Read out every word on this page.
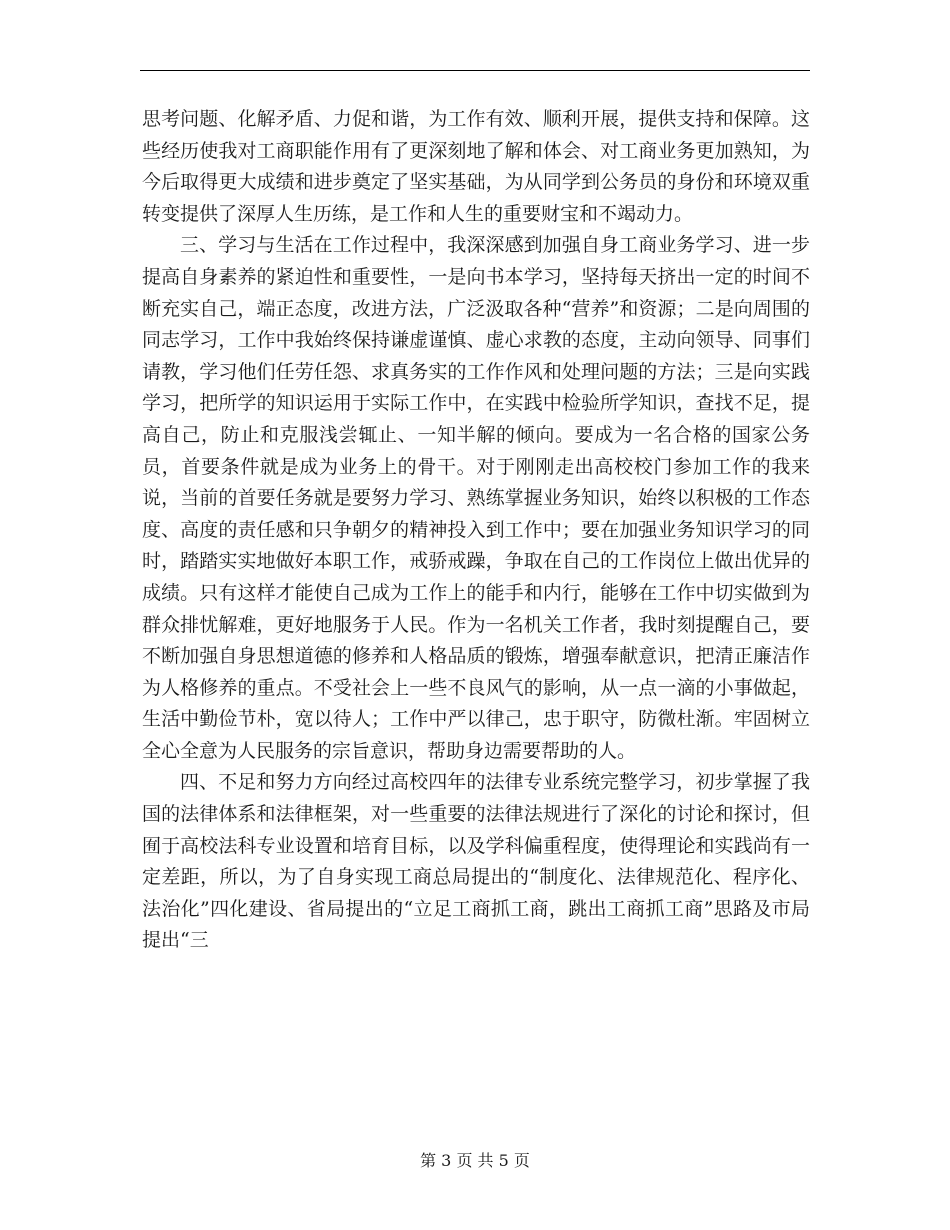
思考问题、化解矛盾、力促和谐，为工作有效、顺利开展，提供支持和保障。这些经历使我对工商职能作用有了更深刻地了解和体会、对工商业务更加熟知，为今后取得更大成绩和进步奠定了坚实基础，为从同学到公务员的身份和环境双重转变提供了深厚人生历练，是工作和人生的重要财宝和不竭动力。

三、学习与生活在工作过程中，我深深感到加强自身工商业务学习、进一步提高自身素养的紧迫性和重要性，一是向书本学习，坚持每天挤出一定的时间不断充实自己，端正态度，改进方法，广泛汲取各种“营养”和资源；二是向周围的同志学习，工作中我始终保持谦虚谨慎、虚心求教的态度，主动向领导、同事们请教，学习他们任劳任怨、求真务实的工作作风和处理问题的方法；三是向实践学习，把所学的知识运用于实际工作中，在实践中检验所学知识，查找不足，提高自己，防止和克服浅尝辄止、一知半解的倾向。要成为一名合格的国家公务员，首要条件就是成为业务上的骨干。对于刚刚走出高校校门参加工作的我来说，当前的首要任务就是要努力学习、熟练掌握业务知识，始终以积极的工作态度、高度的责任感和只争朝夕的精神投入到工作中；要在加强业务知识学习的同时，踏踏实实地做好本职工作，戒骄戒躁，争取在自己的工作岗位上做出优异的成绩。只有这样才能使自己成为工作上的能手和内行，能够在工作中切实做到为群众排忧解难，更好地服务于人民。作为一名机关工作者，我时刻提醒自己，要不断加强自身思想道德的修养和人格品质的锻炼，增强奉献意识，把清正廉洁作为人格修养的重点。不受社会上一些不良风气的影响，从一点一滴的小事做起，生活中勤俭节朴，宽以待人；工作中严以律己，忠于职守，防微杜渐。牢固树立全心全意为人民服务的宗旨意识，帮助身边需要帮助的人。

四、不足和努力方向经过高校四年的法律专业系统完整学习，初步掌握了我国的法律体系和法律框架，对一些重要的法律法规进行了深化的讨论和探讨，但囿于高校法科专业设置和培育目标，以及学科偏重程度，使得理论和实践尚有一定差距，所以，为了自身实现工商总局提出的“制度化、法律规范化、程序化、法治化”四化建设、省局提出的“立足工商抓工商，跳出工商抓工商”思路及市局提出“三

第 3 页 共 5 页
